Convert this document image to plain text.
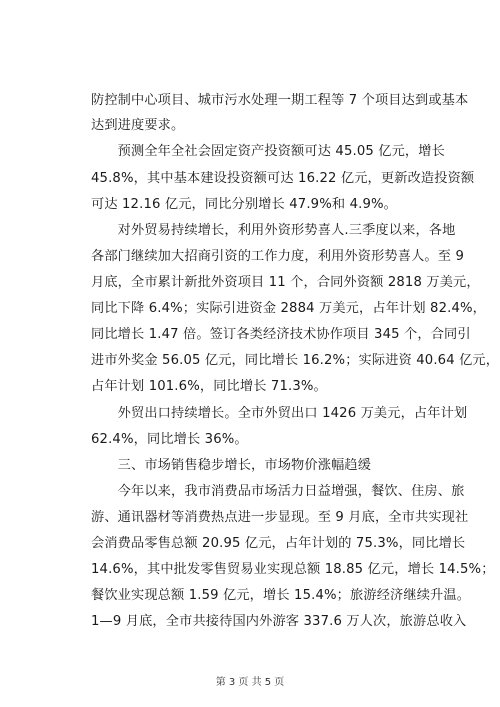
防控制中心项目、城市污水处理一期工程等 7 个项目达到或基本
达到进度要求。
　　预测全年全社会固定资产投资额可达 45.05 亿元，增长
45.8%，其中基本建设投资额可达 16.22 亿元，更新改造投资额
可达 12.16 亿元，同比分别增长 47.9%和 4.9%。
　　对外贸易持续增长，利用外资形势喜人.三季度以来，各地
各部门继续加大招商引资的工作力度，利用外资形势喜人。至 9
月底，全市累计新批外资项目 11 个，合同外资额 2818 万美元，
同比下降 6.4%；实际引进资金 2884 万美元，占年计划 82.4%，
同比增长 1.47 倍。签订各类经济技术协作项目 345 个，合同引
进市外奖金 56.05 亿元，同比增长 16.2%；实际进资 40.64 亿元，
占年计划 101.6%，同比增长 71.3%。
　　外贸出口持续增长。全市外贸出口 1426 万美元，占年计划
62.4%，同比增长 36%。
　　三、市场销售稳步增长，市场物价涨幅趋缓
　　今年以来，我市消费品市场活力日益增强，餐饮、住房、旅
游、通讯器材等消费热点进一步显现。至 9 月底，全市共实现社
会消费品零售总额 20.95 亿元，占年计划的 75.3%，同比增长
14.6%，其中批发零售贸易业实现总额 18.85 亿元，增长 14.5%；
餐饮业实现总额 1.59 亿元，增长 15.4%；旅游经济继续升温。
1—9 月底，全市共接待国内外游客 337.6 万人次，旅游总收入
第 3 页 共 5 页
